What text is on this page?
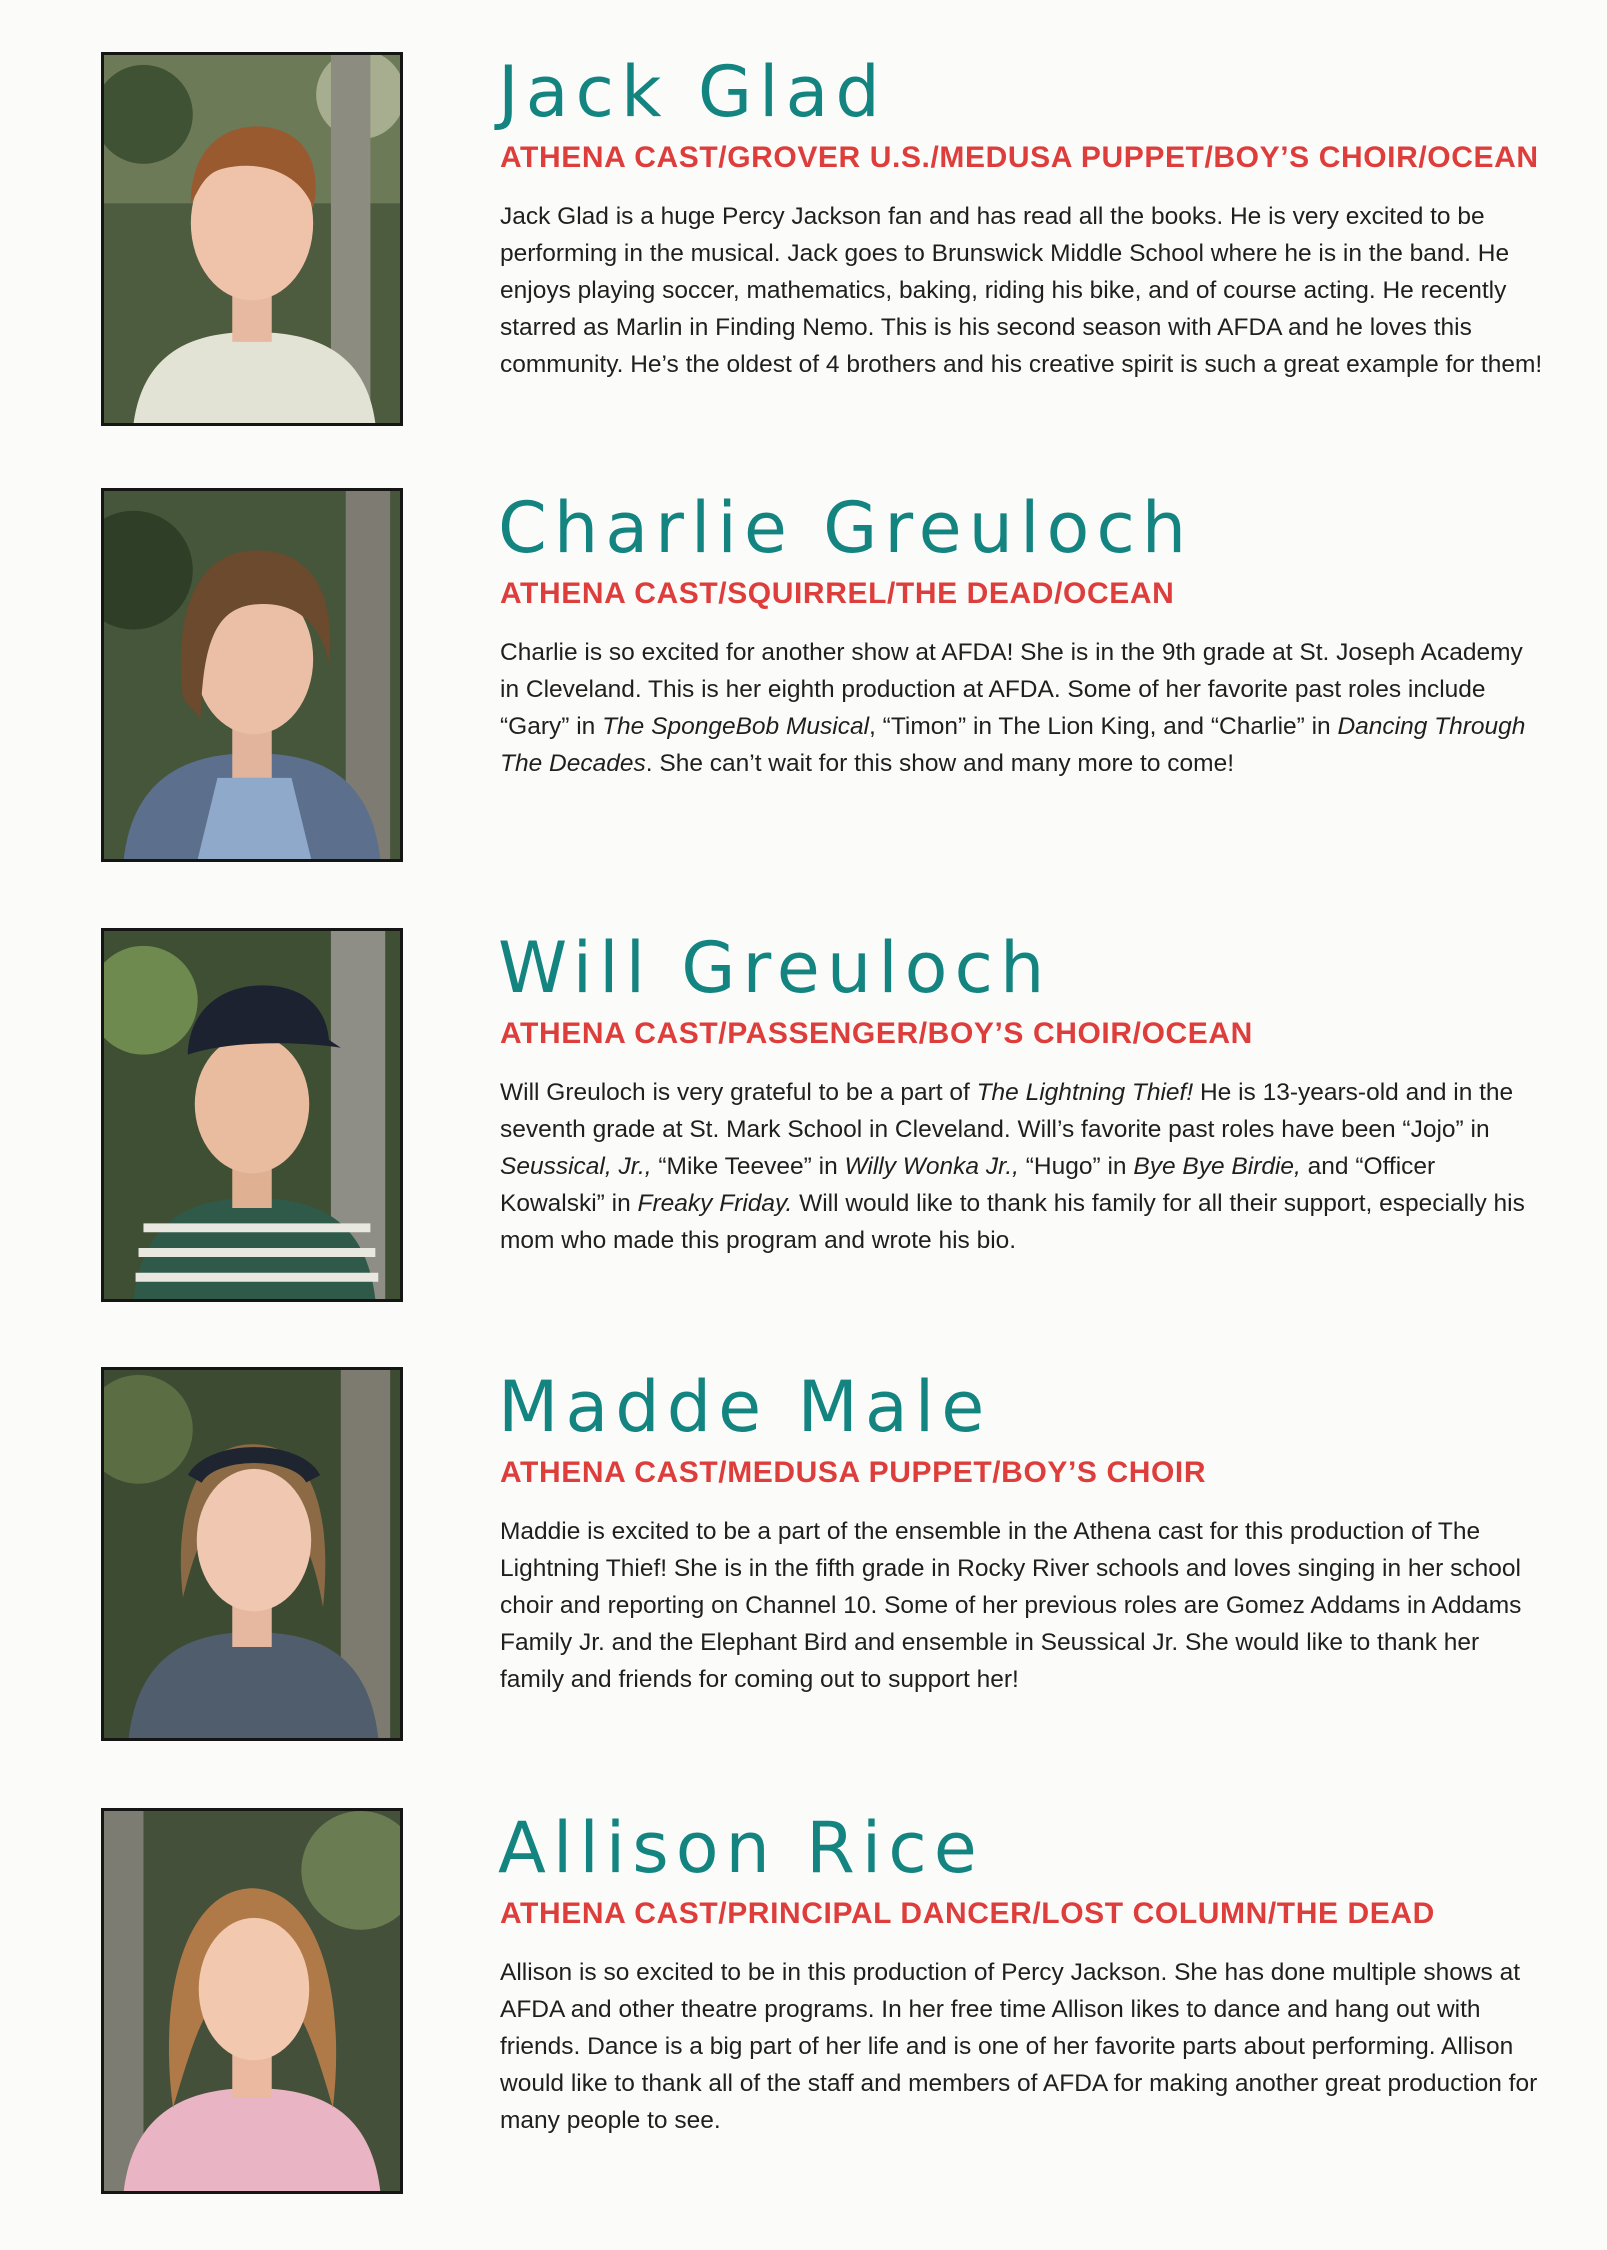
Jack Glad
ATHENA CAST/GROVER U.S./MEDUSA PUPPET/BOY’S CHOIR/OCEAN

Jack Glad is a huge Percy Jackson fan and has read all the books. He is very excited to be performing in the musical. Jack goes to Brunswick Middle School where he is in the band. He enjoys playing soccer, mathematics, baking, riding his bike, and of course acting. He recently starred as Marlin in Finding Nemo. This is his second season with AFDA and he loves this community. He’s the oldest of 4 brothers and his creative spirit is such a great example for them!

Charlie Greuloch
ATHENA CAST/SQUIRREL/THE DEAD/OCEAN

Charlie is so excited for another show at AFDA! She is in the 9th grade at St. Joseph Academy in Cleveland. This is her eighth production at AFDA. Some of her favorite past roles include “Gary” in The SpongeBob Musical, “Timon” in The Lion King, and “Charlie” in Dancing Through The Decades. She can’t wait for this show and many more to come!

Will Greuloch
ATHENA CAST/PASSENGER/BOY’S CHOIR/OCEAN

Will Greuloch is very grateful to be a part of The Lightning Thief! He is 13-years-old and in the seventh grade at St. Mark School in Cleveland. Will’s favorite past roles have been “Jojo” in Seussical, Jr., “Mike Teevee” in Willy Wonka Jr., “Hugo” in Bye Bye Birdie, and “Officer Kowalski” in Freaky Friday. Will would like to thank his family for all their support, especially his mom who made this program and wrote his bio.

Madde Male
ATHENA CAST/MEDUSA PUPPET/BOY’S CHOIR

Maddie is excited to be a part of the ensemble in the Athena cast for this production of The Lightning Thief! She is in the fifth grade in Rocky River schools and loves singing in her school choir and reporting on Channel 10. Some of her previous roles are Gomez Addams in Addams Family Jr. and the Elephant Bird and ensemble in Seussical Jr. She would like to thank her family and friends for coming out to support her!

Allison Rice
ATHENA CAST/PRINCIPAL DANCER/LOST COLUMN/THE DEAD

Allison is so excited to be in this production of Percy Jackson. She has done multiple shows at AFDA and other theatre programs. In her free time Allison likes to dance and hang out with friends. Dance is a big part of her life and is one of her favorite parts about performing. Allison would like to thank all of the staff and members of AFDA for making another great production for many people to see.
